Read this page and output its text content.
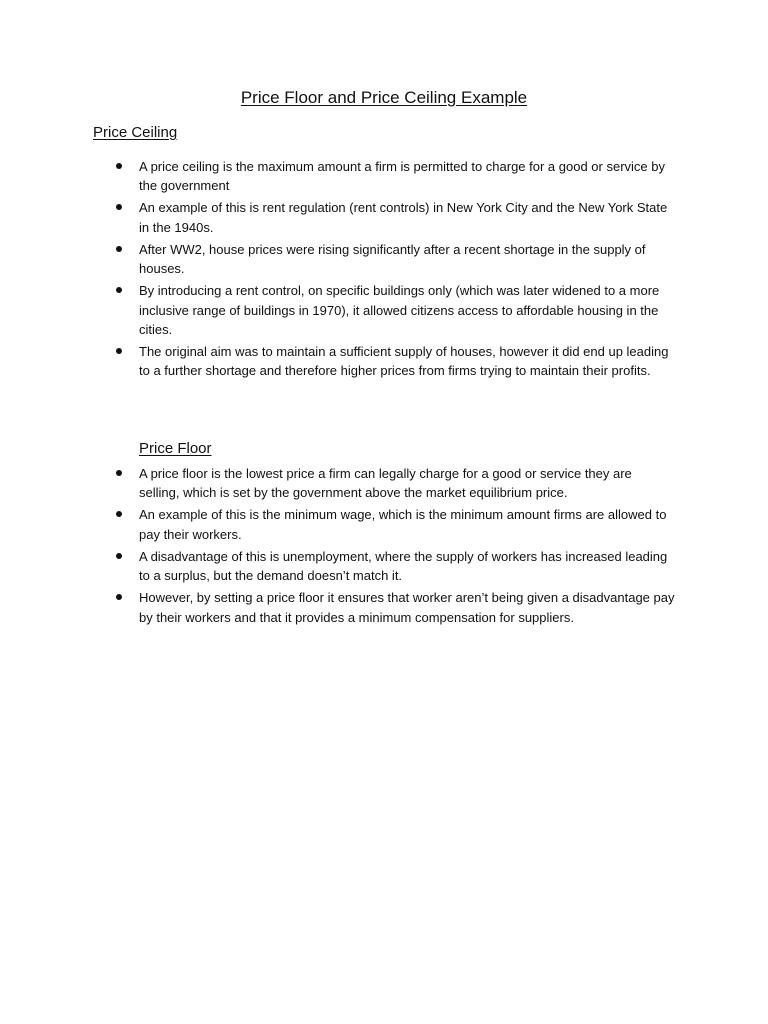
Price Floor and Price Ceiling Example
Price Ceiling
A price ceiling is the maximum amount a firm is permitted to charge for a good or service by the government
An example of this is rent regulation (rent controls) in New York City and the New York State in the 1940s.
After WW2, house prices were rising significantly after a recent shortage in the supply of houses.
By introducing a rent control, on specific buildings only (which was later widened to a more inclusive range of buildings in 1970), it allowed citizens access to affordable housing in the cities.
The original aim was to maintain a sufficient supply of houses, however it did end up leading to a further shortage and therefore higher prices from firms trying to maintain their profits.
Price Floor
A price floor is the lowest price a firm can legally charge for a good or service they are selling, which is set by the government above the market equilibrium price.
An example of this is the minimum wage, which is the minimum amount firms are allowed to pay their workers.
A disadvantage of this is unemployment, where the supply of workers has increased leading to a surplus, but the demand doesn’t match it.
However, by setting a price floor it ensures that worker aren’t being given a disadvantage pay by their workers and that it provides a minimum compensation for suppliers.
